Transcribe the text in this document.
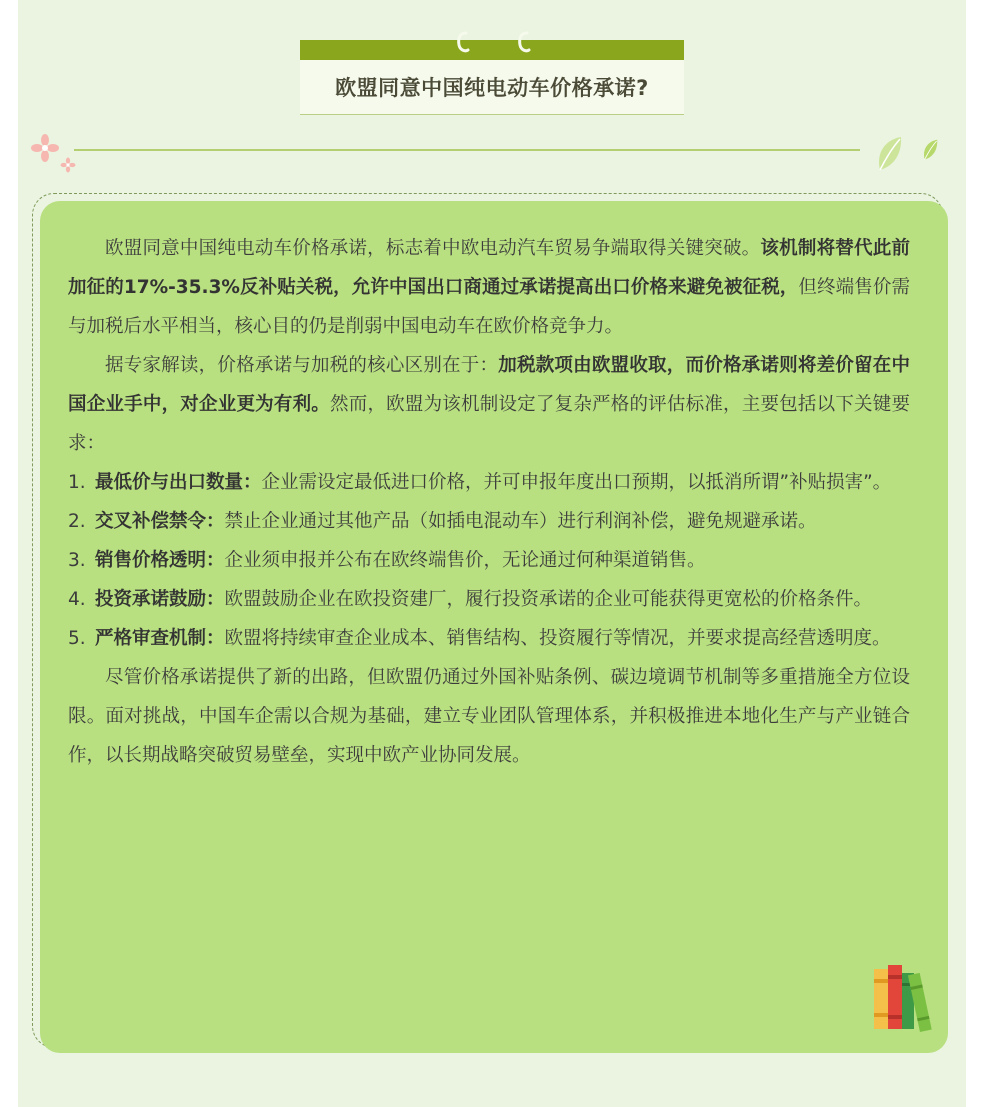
欧盟同意中国纯电动车价格承诺?

欧盟同意中国纯电动车价格承诺，标志着中欧电动汽车贸易争端取得关键突破。该机制将替代此前加征的17%-35.3%反补贴关税，允许中国出口商通过承诺提高出口价格来避免被征税，但终端售价需与加税后水平相当，核心目的仍是削弱中国电动车在欧价格竞争力。

据专家解读，价格承诺与加税的核心区别在于：加税款项由欧盟收取，而价格承诺则将差价留在中国企业手中，对企业更为有利。然而，欧盟为该机制设定了复杂严格的评估标准，主要包括以下关键要求：

1. 最低价与出口数量：企业需设定最低进口价格，并可申报年度出口预期，以抵消所谓”补贴损害”。
2. 交叉补偿禁令：禁止企业通过其他产品（如插电混动车）进行利润补偿，避免规避承诺。
3. 销售价格透明：企业须申报并公布在欧终端售价，无论通过何种渠道销售。
4. 投资承诺鼓励：欧盟鼓励企业在欧投资建厂，履行投资承诺的企业可能获得更宽松的价格条件。
5. 严格审查机制：欧盟将持续审查企业成本、销售结构、投资履行等情况，并要求提高经营透明度。

尽管价格承诺提供了新的出路，但欧盟仍通过外国补贴条例、碳边境调节机制等多重措施全方位设限。面对挑战，中国车企需以合规为基础，建立专业团队管理体系，并积极推进本地化生产与产业链合作，以长期战略突破贸易壁垒，实现中欧产业协同发展。
